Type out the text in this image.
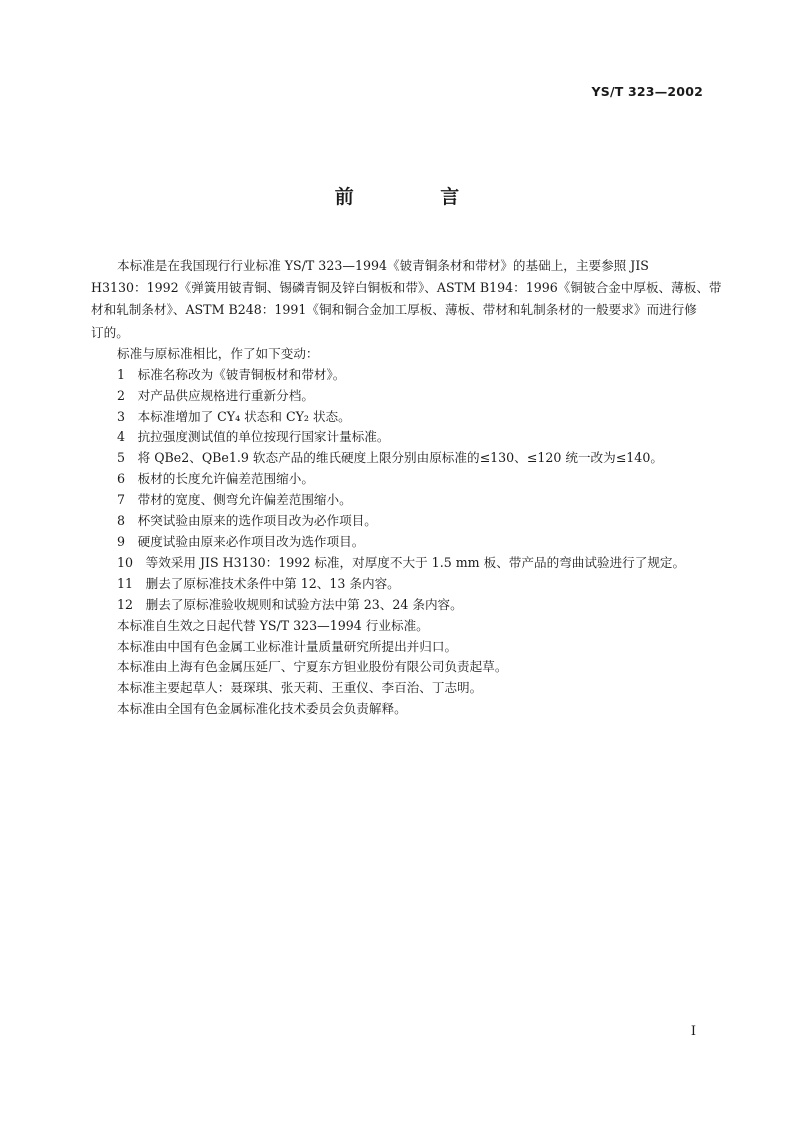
YS/T 323—2002
前 言
本标准是在我国现行行业标准 YS/T 323—1994《铍青铜条材和带材》的基础上，主要参照 JIS
H3130：1992《弹簧用铍青铜、锡磷青铜及锌白铜板和带》、ASTM B194：1996《铜铍合金中厚板、薄板、带
材和轧制条材》、ASTM B248：1991《铜和铜合金加工厚板、薄板、带材和轧制条材的一般要求》而进行修
订的。
标准与原标准相比，作了如下变动：
1　标准名称改为《铍青铜板材和带材》。
2　对产品供应规格进行重新分档。
3　本标准增加了 CY₄ 状态和 CY₂ 状态。
4　抗拉强度测试值的单位按现行国家计量标准。
5　将 QBe2、QBe1.9 软态产品的维氏硬度上限分别由原标准的≤130、≤120 统一改为≤140。
6　板材的长度允许偏差范围缩小。
7　带材的宽度、侧弯允许偏差范围缩小。
8　杯突试验由原来的选作项目改为必作项目。
9　硬度试验由原来必作项目改为选作项目。
10　等效采用 JIS H3130：1992 标准，对厚度不大于 1.5 mm 板、带产品的弯曲试验进行了规定。
11　删去了原标准技术条件中第 12、13 条内容。
12　删去了原标准验收规则和试验方法中第 23、24 条内容。
本标准自生效之日起代替 YS/T 323—1994 行业标准。
本标准由中国有色金属工业标准计量质量研究所提出并归口。
本标准由上海有色金属压延厂、宁夏东方钽业股份有限公司负责起草。
本标准主要起草人：聂琛琪、张天莉、王重仪、李百治、丁志明。
本标准由全国有色金属标准化技术委员会负责解释。
I
